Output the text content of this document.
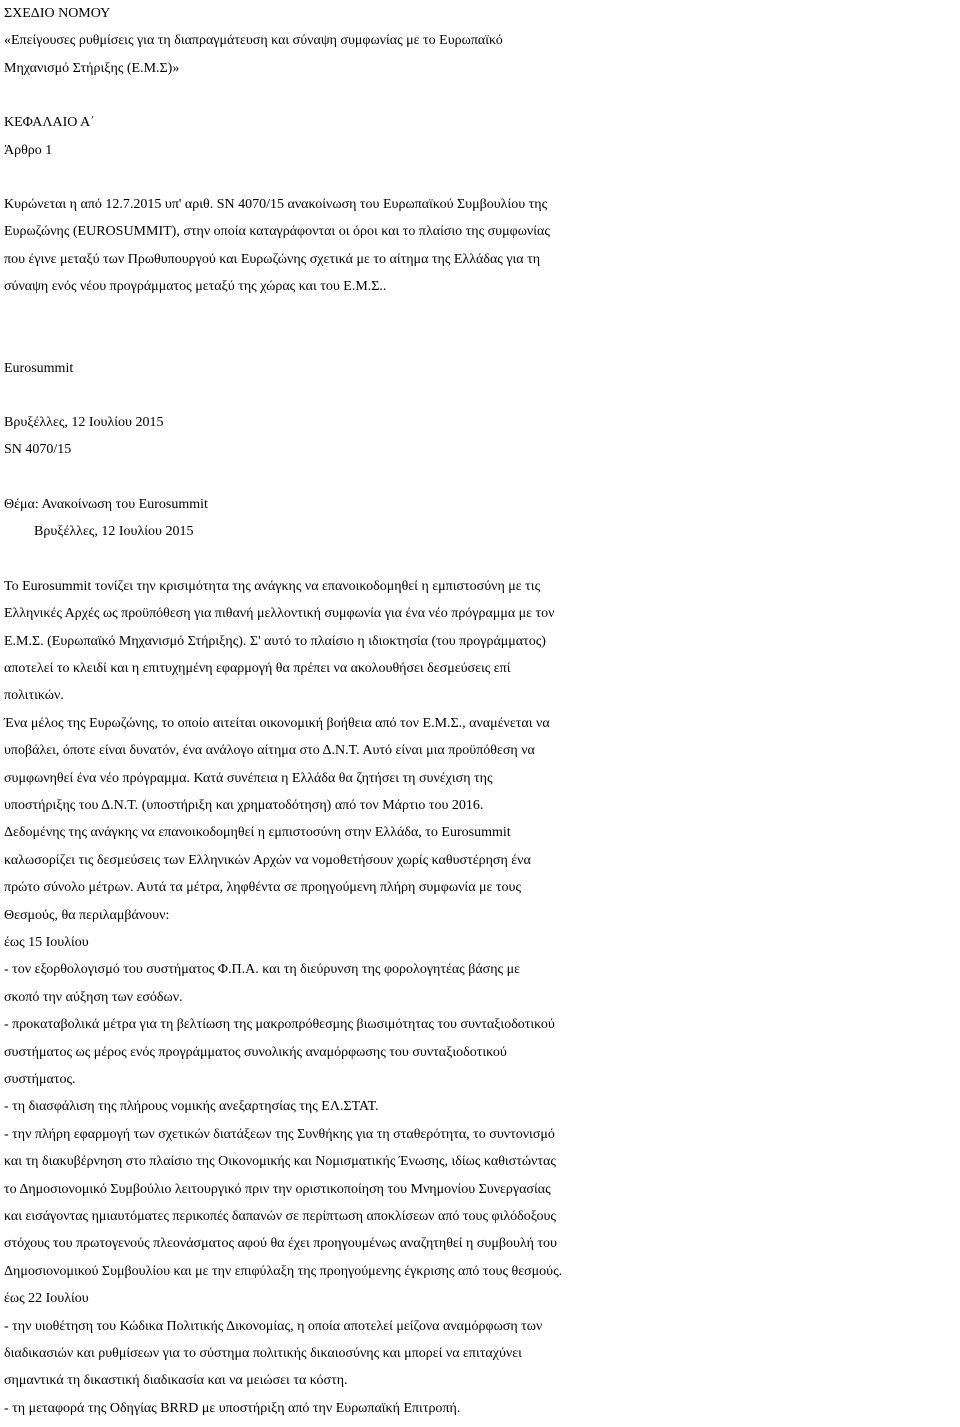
ΣΧΕΔΙΟ ΝΟΜΟΥ
«Επείγουσες ρυθμίσεις για τη διαπραγμάτευση και σύναψη συμφωνίας με το Ευρωπαϊκό
Μηχανισμό Στήριξης (Ε.Μ.Σ)»
ΚΕΦΑΛΑΙΟ Α΄
Άρθρο 1
Κυρώνεται η από 12.7.2015 υπ' αριθ. SN 4070/15 ανακοίνωση του Ευρωπαϊκού Συμβουλίου της
Ευρωζώνης (EUROSUMMIT), στην οποία καταγράφονται οι όροι και το πλαίσιο της συμφωνίας
που έγινε μεταξύ των Πρωθυπουργού και Ευρωζώνης σχετικά με το αίτημα της Ελλάδας για τη
σύναψη ενός νέου προγράμματος μεταξύ της χώρας και του Ε.Μ.Σ..
Eurosummit
Βρυξέλλες, 12 Ιουλίου 2015
SN 4070/15
Θέμα: Ανακοίνωση του Eurosummit
Βρυξέλλες, 12 Ιουλίου 2015
Το Eurosummit τονίζει την κρισιμότητα της ανάγκης να επανοικοδομηθεί η εμπιστοσύνη με τις
Ελληνικές Αρχές ως προϋπόθεση για πιθανή μελλοντική συμφωνία για ένα νέο πρόγραμμα με τον
Ε.Μ.Σ. (Ευρωπαϊκό Μηχανισμό Στήριξης). Σ' αυτό το πλαίσιο η ιδιοκτησία (του προγράμματος)
αποτελεί το κλειδί και η επιτυχημένη εφαρμογή θα πρέπει να ακολουθήσει δεσμεύσεις επί
πολιτικών.
Ένα μέλος της Ευρωζώνης, το οποίο αιτείται οικονομική βοήθεια από τον Ε.Μ.Σ., αναμένεται να
υποβάλει, όποτε είναι δυνατόν, ένα ανάλογο αίτημα στο Δ.Ν.Τ. Αυτό είναι μια προϋπόθεση να
συμφωνηθεί ένα νέο πρόγραμμα. Κατά συνέπεια η Ελλάδα θα ζητήσει τη συνέχιση της
υποστήριξης του Δ.Ν.Τ. (υποστήριξη και χρηματοδότηση) από τον Μάρτιο του 2016.
Δεδομένης της ανάγκης να επανοικοδομηθεί η εμπιστοσύνη στην Ελλάδα, το Eurosummit
καλωσορίζει τις δεσμεύσεις των Ελληνικών Αρχών να νομοθετήσουν χωρίς καθυστέρηση ένα
πρώτο σύνολο μέτρων. Αυτά τα μέτρα, ληφθέντα σε προηγούμενη πλήρη συμφωνία με τους
Θεσμούς, θα περιλαμβάνουν:
έως 15 Ιουλίου
- τον εξορθολογισμό του συστήματος Φ.Π.Α. και τη διεύρυνση της φορολογητέας βάσης με
σκοπό την αύξηση των εσόδων.
- προκαταβολικά μέτρα για τη βελτίωση της μακροπρόθεσμης βιωσιμότητας του συνταξιοδοτικού
συστήματος ως μέρος ενός προγράμματος συνολικής αναμόρφωσης του συνταξιοδοτικού
συστήματος.
- τη διασφάλιση της πλήρους νομικής ανεξαρτησίας της ΕΛ.ΣΤΑΤ.
- την πλήρη εφαρμογή των σχετικών διατάξεων της Συνθήκης για τη σταθερότητα, το συντονισμό
και τη διακυβέρνηση στο πλαίσιο της Οικονομικής και Νομισματικής Ένωσης, ιδίως καθιστώντας
το Δημοσιονομικό Συμβούλιο λειτουργικό πριν την οριστικοποίηση του Μνημονίου Συνεργασίας
και εισάγοντας ημιαυτόματες περικοπές δαπανών σε περίπτωση αποκλίσεων από τους φιλόδοξους
στόχους του πρωτογενούς πλεονάσματος αφού θα έχει προηγουμένως αναζητηθεί η συμβουλή του
Δημοσιονομικού Συμβουλίου και με την επιφύλαξη της προηγούμενης έγκρισης από τους θεσμούς.
έως 22 Ιουλίου
- την υιοθέτηση του Κώδικα Πολιτικής Δικονομίας, η οποία αποτελεί μείζονα αναμόρφωση των
διαδικασιών και ρυθμίσεων για το σύστημα πολιτικής δικαιοσύνης και μπορεί να επιταχύνει
σημαντικά τη δικαστική διαδικασία και να μειώσει τα κόστη.
- τη μεταφορά της Οδηγίας BRRD με υποστήριξη από την Ευρωπαϊκή Επιτροπή.
